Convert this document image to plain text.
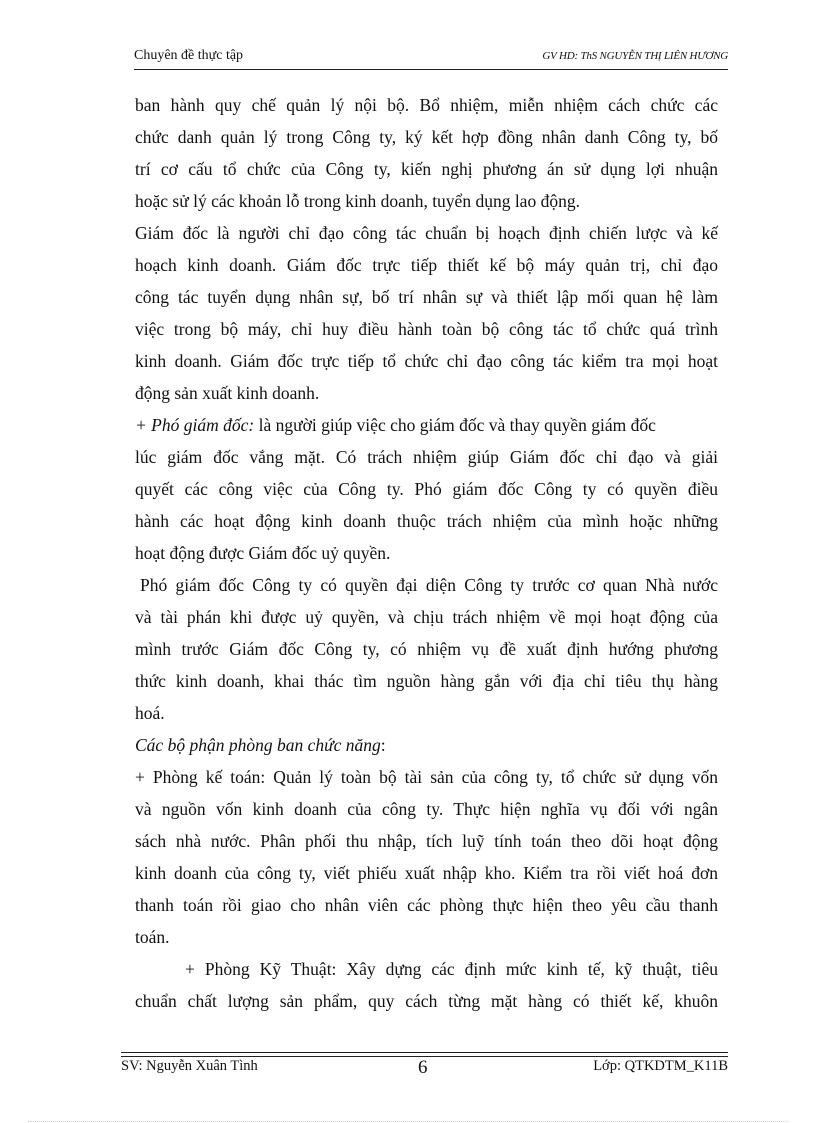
Chuyên đề thực tập	GV HD: ThS NGUYỄN THỊ LIÊN HƯƠNG
ban hành quy chế quản lý nội bộ. Bổ nhiệm, miễn nhiệm cách chức các
chức danh quản lý trong Công ty, ký kết hợp đồng nhân danh Công ty, bố
trí cơ cấu tổ chức của Công ty, kiến nghị phương án sử dụng lợi nhuận
hoặc sử lý các khoản lỗ trong kinh doanh, tuyển dụng lao động.
Giám đốc là người chỉ đạo công tác chuẩn bị hoạch định chiến lược và kế
hoạch kinh doanh. Giám đốc trực tiếp thiết kế bộ máy quản trị, chỉ đạo
công tác tuyển dụng nhân sự, bố trí nhân sự và thiết lập mối quan hệ làm
việc trong bộ máy, chỉ huy điều hành toàn bộ công tác tổ chức quá trình
kinh doanh. Giám đốc trực tiếp tổ chức chỉ đạo công tác kiểm tra mọi hoạt
động sản xuất kinh doanh.
+ Phó giám đốc: là người giúp việc cho giám đốc và thay quyền giám đốc
lúc giám đốc vắng mặt. Có trách nhiệm giúp Giám đốc chỉ đạo và giải
quyết các công việc của Công ty. Phó giám đốc Công ty có quyền điều
hành các hoạt động kinh doanh thuộc trách nhiệm của mình hoặc những
hoạt động được Giám đốc uỷ quyền.
Phó giám đốc Công ty có quyền đại diện Công ty trước cơ quan Nhà nước
và tài phán khi được uỷ quyền, và chịu trách nhiệm về mọi hoạt động của
mình trước Giám đốc Công ty, có nhiệm vụ đề xuất định hướng phương
thức kinh doanh, khai thác tìm nguồn hàng gắn với địa chỉ tiêu thụ hàng
hoá.
Các bộ phận phòng ban chức năng:
+ Phòng kế toán: Quản lý toàn bộ tài sản của công ty, tổ chức sử dụng vốn
và nguồn vốn kinh doanh của công ty. Thực hiện nghĩa vụ đối với ngân
sách nhà nước. Phân phối thu nhập, tích luỹ tính toán theo dõi hoạt động
kinh doanh của công ty, viết phiếu xuất nhập kho. Kiểm tra rồi viết hoá đơn
thanh toán rồi giao cho nhân viên các phòng thực hiện theo yêu cầu thanh
toán.
+ Phòng Kỹ Thuật: Xây dựng các định mức kinh tế, kỹ thuật, tiêu
chuẩn chất lượng sản phẩm, quy cách từng mặt hàng có thiết kế, khuôn
SV: Nguyễn Xuân Tình	6	Lớp: QTKDTM_K11B
